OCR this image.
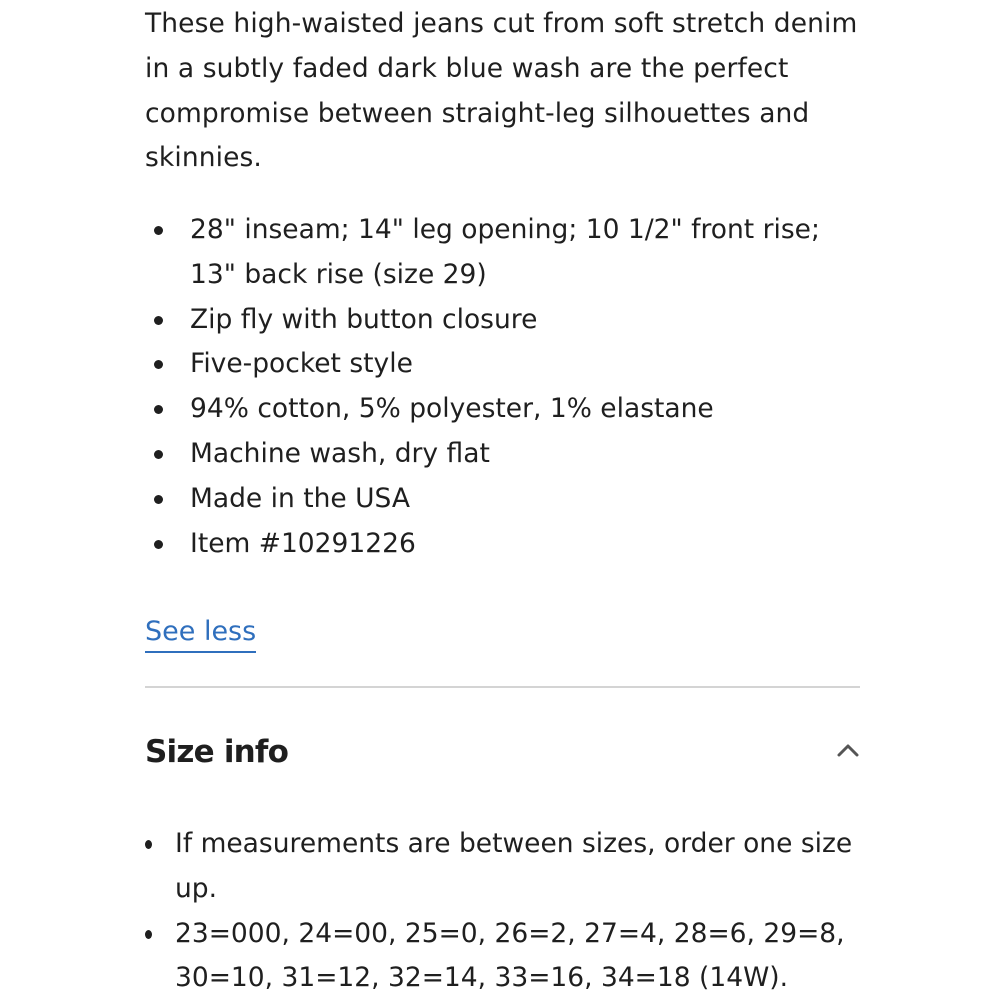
These high-waisted jeans cut from soft stretch denim in a subtly faded dark blue wash are the perfect compromise between straight-leg silhouettes and skinnies.

28" inseam; 14" leg opening; 10 1/2" front rise; 13" back rise (size 29)
Zip fly with button closure
Five-pocket style
94% cotton, 5% polyester, 1% elastane
Machine wash, dry flat
Made in the USA
Item #10291226
See less
Size info
If measurements are between sizes, order one size up.
23=000, 24=00, 25=0, 26=2, 27=4, 28=6, 29=8, 30=10, 31=12, 32=14, 33=16, 34=18 (14W).
